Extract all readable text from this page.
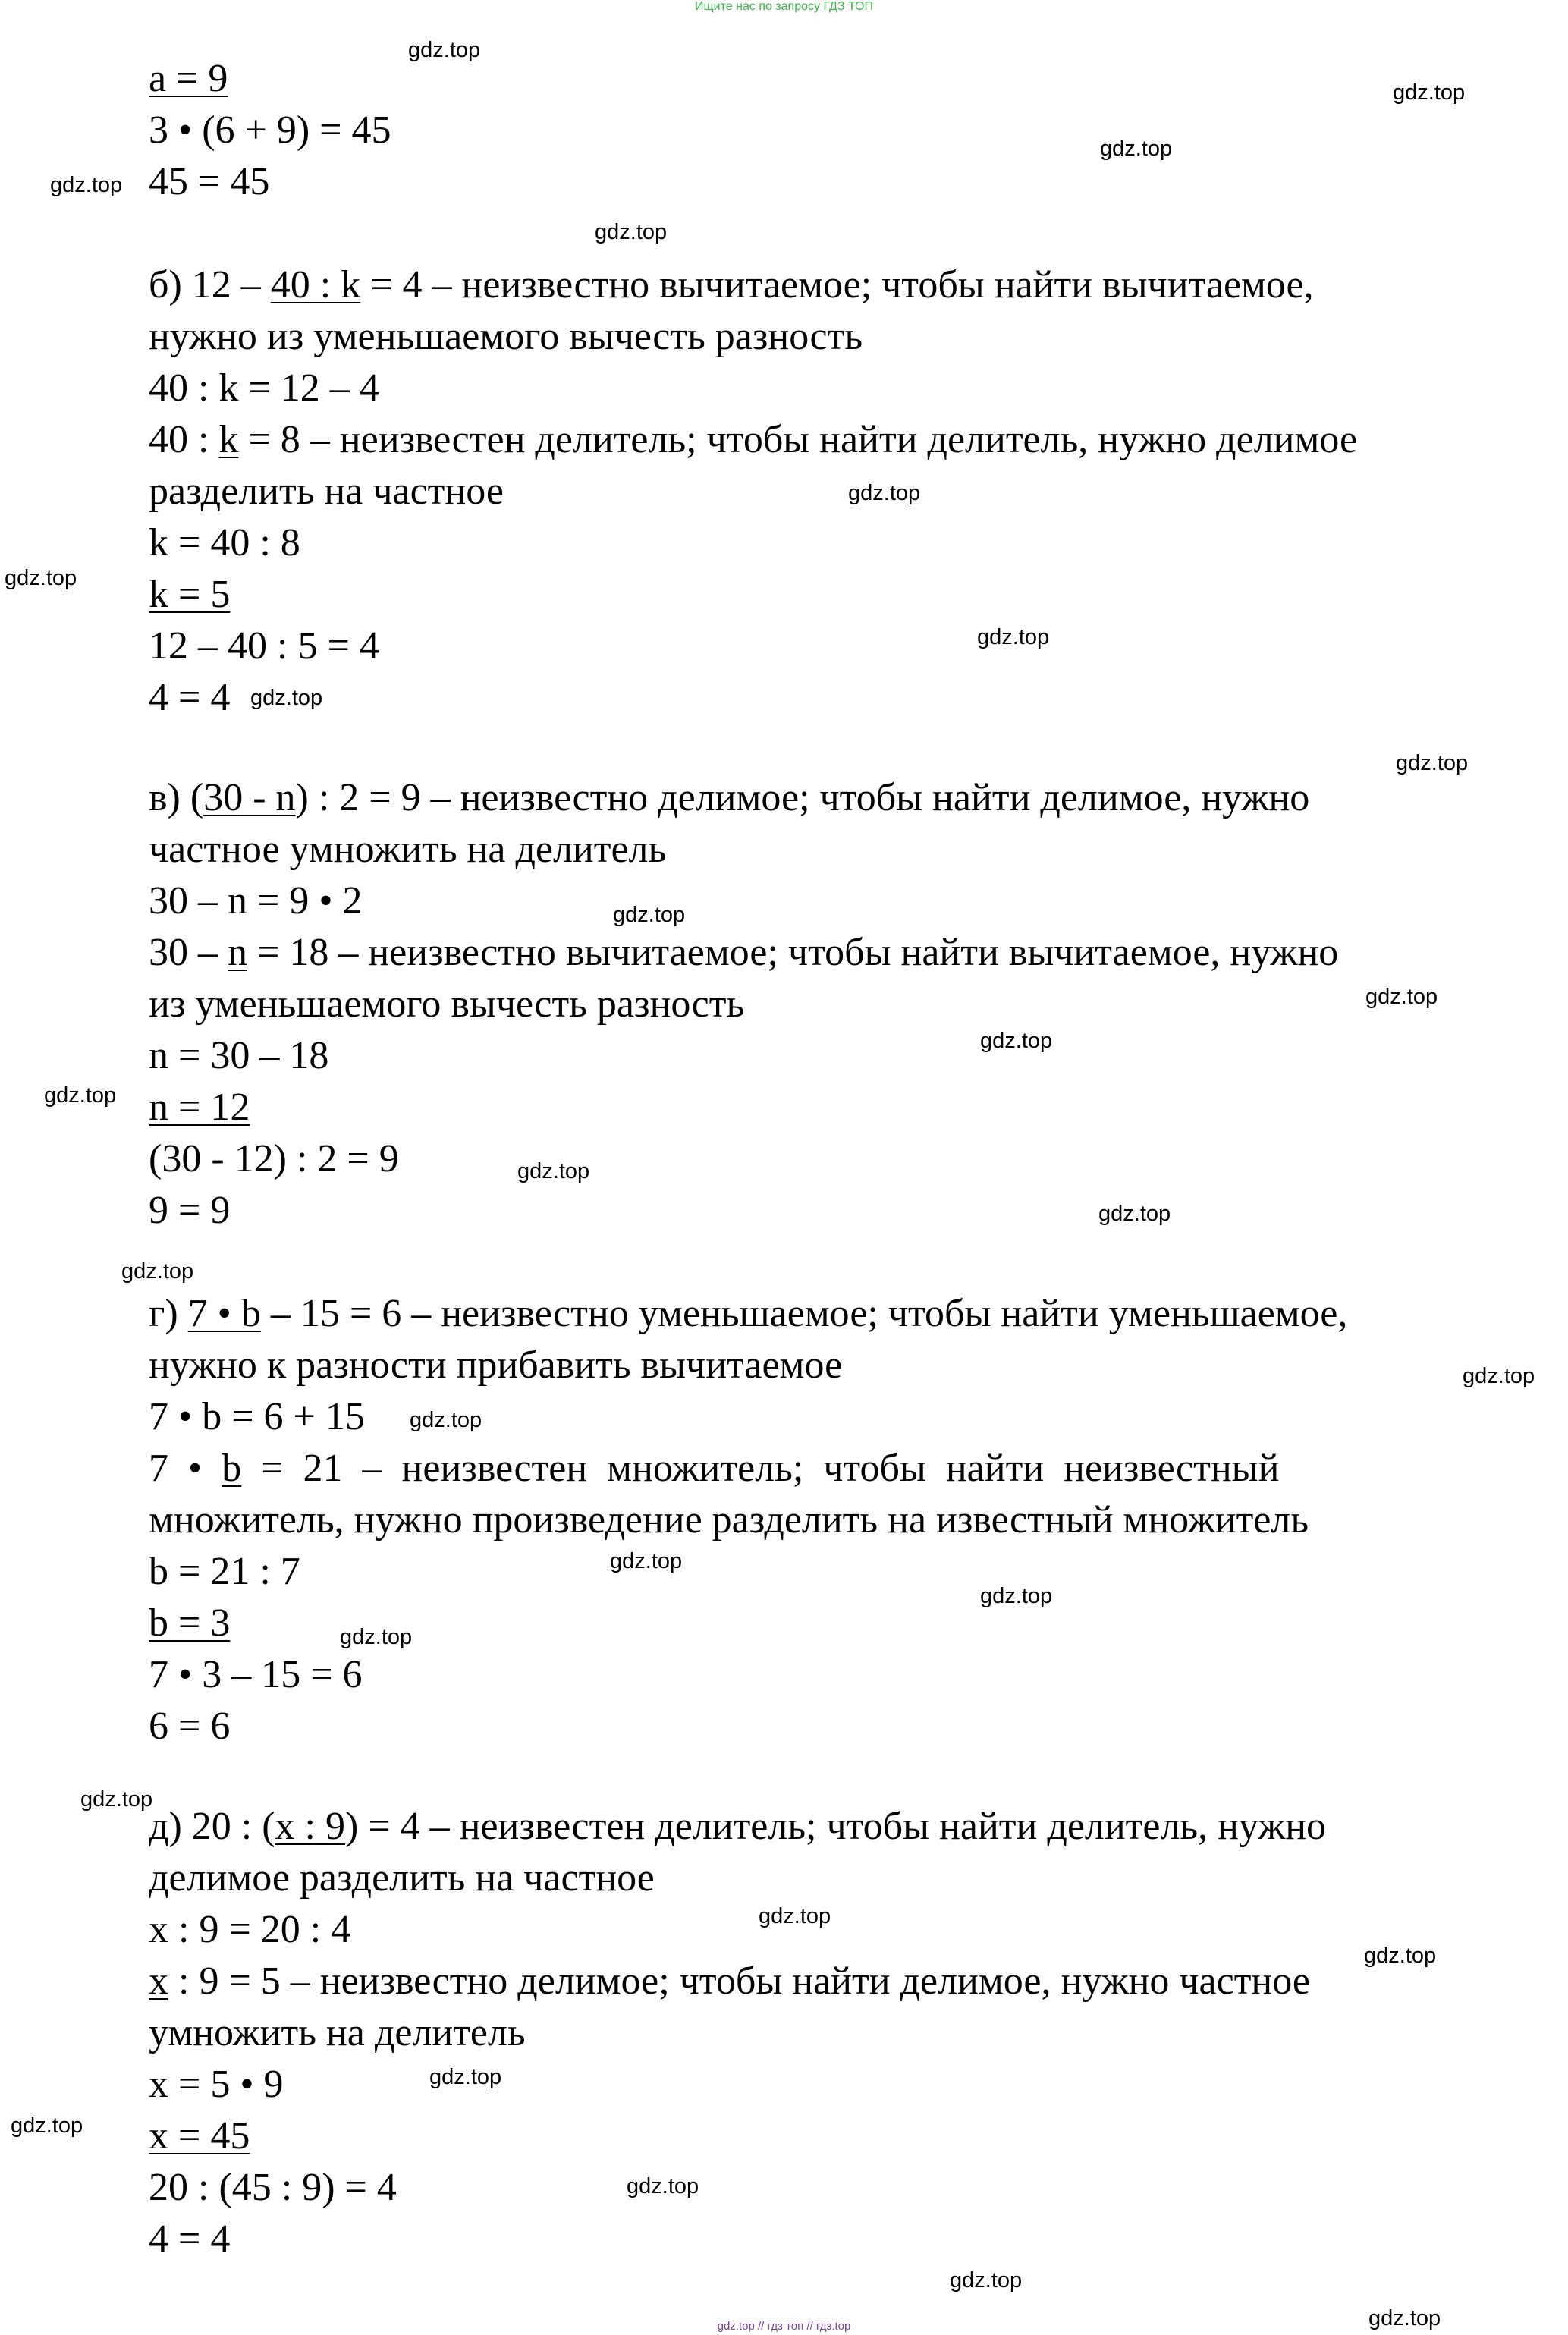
Ищите нас по запросу ГДЗ ТОП
a = 9
3 • (6 + 9) = 45
45 = 45
б) 12 – 40 : k = 4 – неизвестно вычитаемое; чтобы найти вычитаемое,
нужно из уменьшаемого вычесть разность
40 : k = 12 – 4
40 : k = 8 – неизвестен делитель; чтобы найти делитель, нужно делимое
разделить на частное
k = 40 : 8
k = 5
12 – 40 : 5 = 4
4 = 4
в) (30 - n) : 2 = 9 – неизвестно делимое; чтобы найти делимое, нужно
частное умножить на делитель
30 – n = 9 • 2
30 – n = 18 – неизвестно вычитаемое; чтобы найти вычитаемое, нужно
из уменьшаемого вычесть разность
n = 30 – 18
n = 12
(30 - 12) : 2 = 9
9 = 9
г) 7 • b – 15 = 6 – неизвестно уменьшаемое; чтобы найти уменьшаемое,
нужно к разности прибавить вычитаемое
7 • b = 6 + 15
7  •  b  =  21  –  неизвестен  множитель;  чтобы  найти  неизвестный
множитель, нужно произведение разделить на известный множитель
b = 21 : 7
b = 3
7 • 3 – 15 = 6
6 = 6
д) 20 : (x : 9) = 4 – неизвестен делитель; чтобы найти делитель, нужно
делимое разделить на частное
x : 9 = 20 : 4
x : 9 = 5 – неизвестно делимое; чтобы найти делимое, нужно частное
умножить на делитель
x = 5 • 9
x = 45
20 : (45 : 9) = 4
4 = 4
gdz.top
gdz.top
gdz.top
gdz.top
gdz.top
gdz.top
gdz.top
gdz.top
gdz.top
gdz.top
gdz.top
gdz.top
gdz.top
gdz.top
gdz.top
gdz.top
gdz.top
gdz.top
gdz.top
gdz.top
gdz.top
gdz.top
gdz.top
gdz.top
gdz.top
gdz.top
gdz.top
gdz.top
gdz.top
gdz.top
gdz.top // гдз топ // гдз.top
